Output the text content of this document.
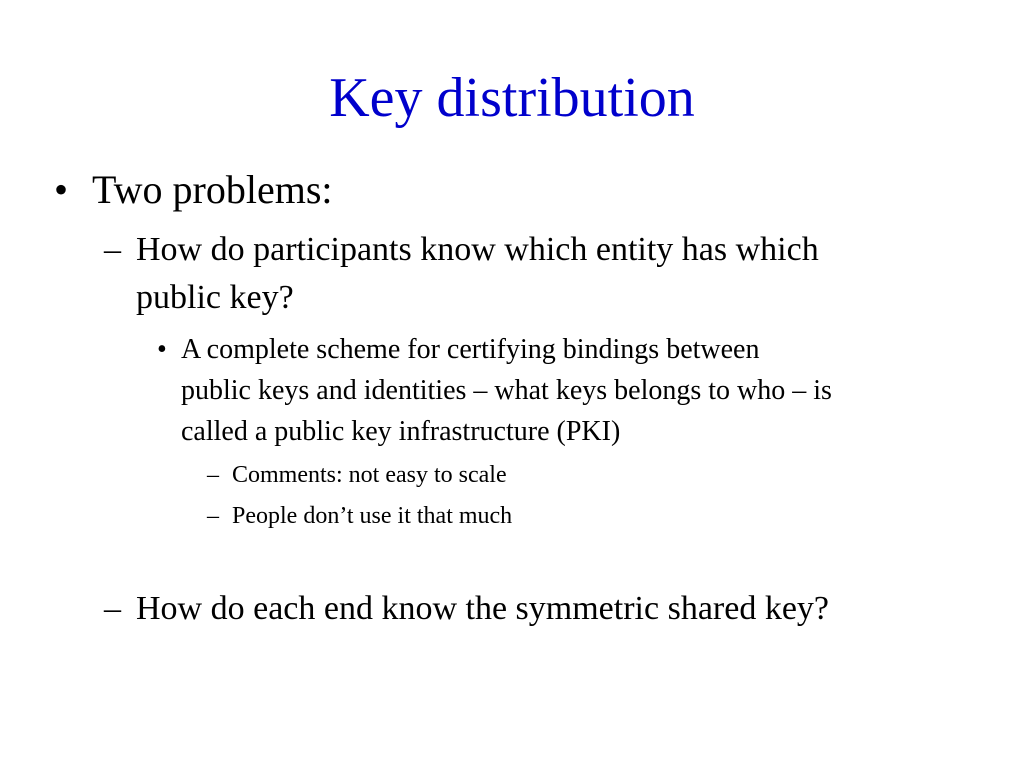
Key distribution
• Two problems:
– How do participants know which entity has which
public key?
• A complete scheme for certifying bindings between
public keys and identities – what keys belongs to who – is
called a public key infrastructure (PKI)
– Comments: not easy to scale
– People don’t use it that much
– How do each end know the symmetric shared key?
